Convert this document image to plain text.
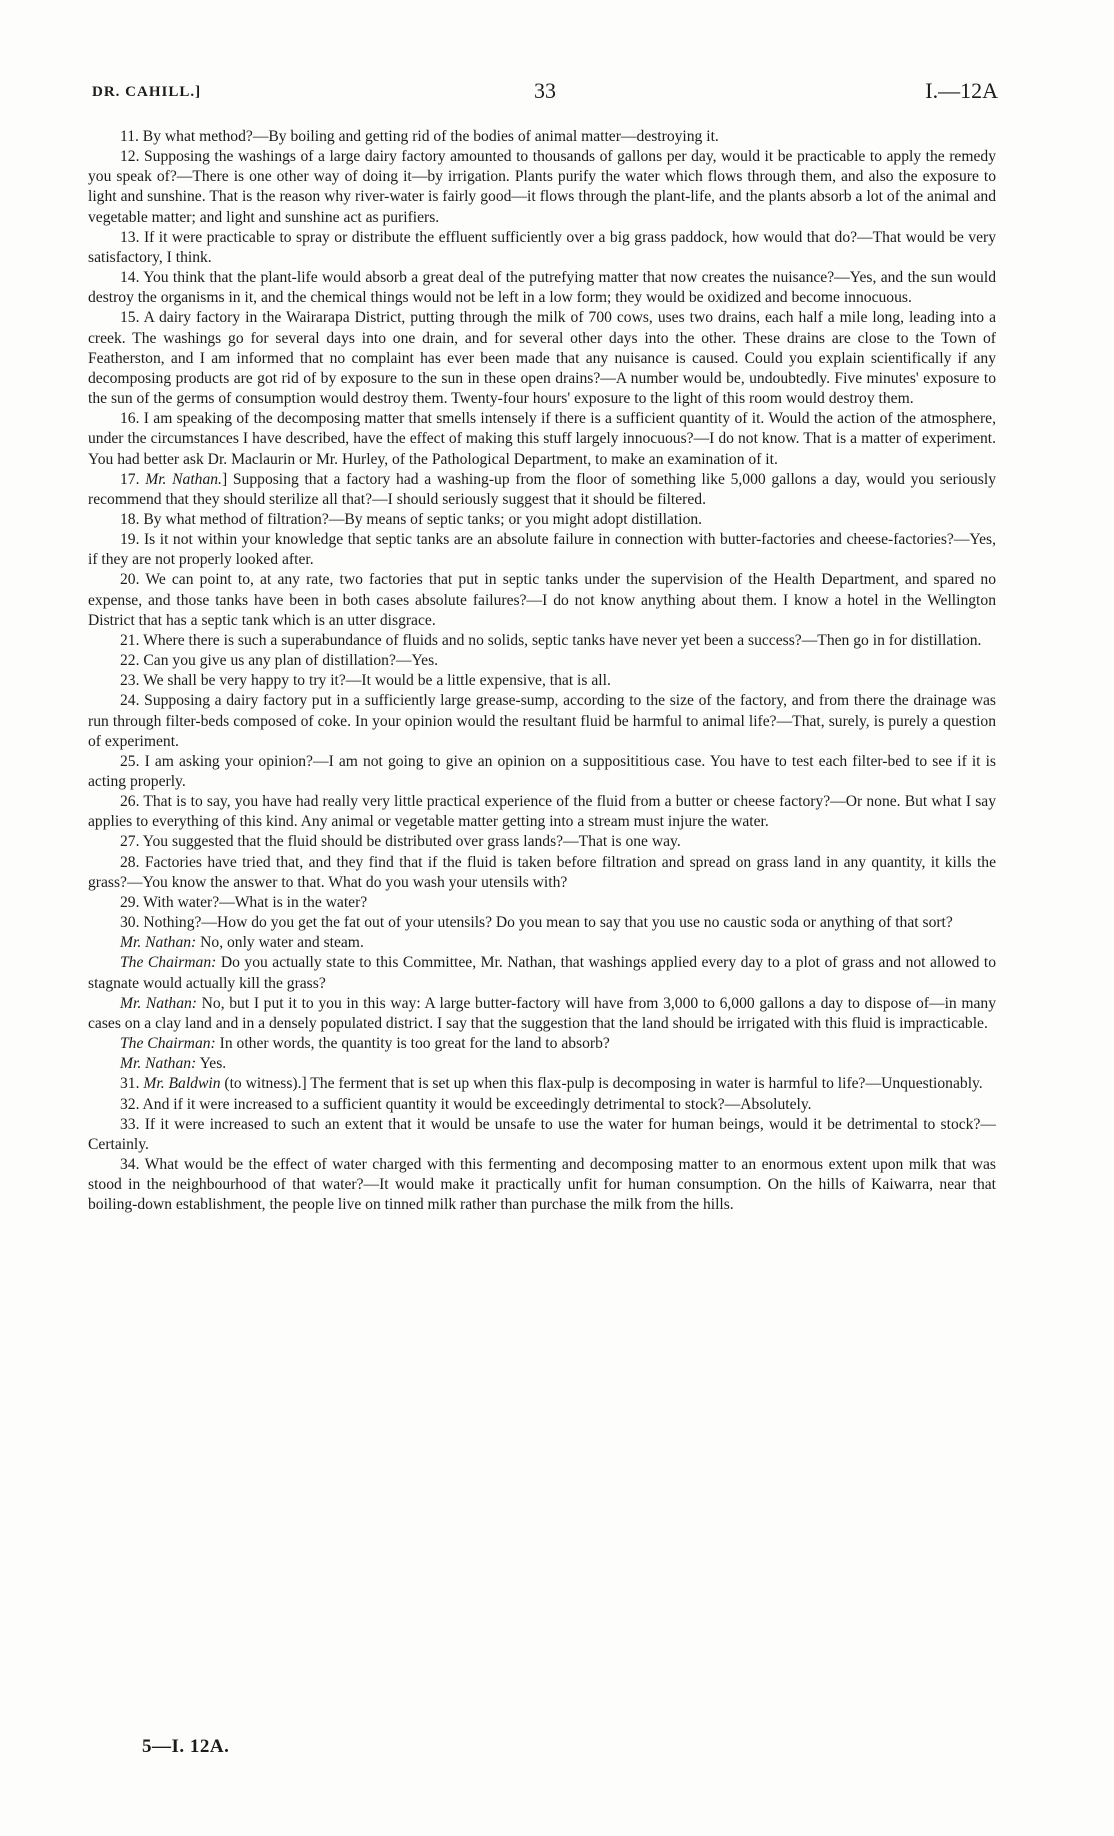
DR. CAHILL.]	33	I.—12A

11. By what method?—By boiling and getting rid of the bodies of animal matter—destroying it.

12. Supposing the washings of a large dairy factory amounted to thousands of gallons per day, would it be practicable to apply the remedy you speak of?—There is one other way of doing it—by irrigation. Plants purify the water which flows through them, and also the exposure to light and sunshine. That is the reason why river-water is fairly good—it flows through the plant-life, and the plants absorb a lot of the animal and vegetable matter; and light and sunshine act as purifiers.

13. If it were practicable to spray or distribute the effluent sufficiently over a big grass paddock, how would that do?—That would be very satisfactory, I think.

14. You think that the plant-life would absorb a great deal of the putrefying matter that now creates the nuisance?—Yes, and the sun would destroy the organisms in it, and the chemical things would not be left in a low form; they would be oxidized and become innocuous.

15. A dairy factory in the Wairarapa District, putting through the milk of 700 cows, uses two drains, each half a mile long, leading into a creek. The washings go for several days into one drain, and for several other days into the other. These drains are close to the Town of Featherston, and I am informed that no complaint has ever been made that any nuisance is caused. Could you explain scientifically if any decomposing products are got rid of by exposure to the sun in these open drains?—A number would be, undoubtedly. Five minutes' exposure to the sun of the germs of consumption would destroy them. Twenty-four hours' exposure to the light of this room would destroy them.

16. I am speaking of the decomposing matter that smells intensely if there is a sufficient quantity of it. Would the action of the atmosphere, under the circumstances I have described, have the effect of making this stuff largely innocuous?—I do not know. That is a matter of experiment. You had better ask Dr. Maclaurin or Mr. Hurley, of the Pathological Department, to make an examination of it.

17. Mr. Nathan.] Supposing that a factory had a washing-up from the floor of something like 5,000 gallons a day, would you seriously recommend that they should sterilize all that?—I should seriously suggest that it should be filtered.

18. By what method of filtration?—By means of septic tanks; or you might adopt distillation.

19. Is it not within your knowledge that septic tanks are an absolute failure in connection with butter-factories and cheese-factories?—Yes, if they are not properly looked after.

20. We can point to, at any rate, two factories that put in septic tanks under the supervision of the Health Department, and spared no expense, and those tanks have been in both cases absolute failures?—I do not know anything about them. I know a hotel in the Wellington District that has a septic tank which is an utter disgrace.

21. Where there is such a superabundance of fluids and no solids, septic tanks have never yet been a success?—Then go in for distillation.

22. Can you give us any plan of distillation?—Yes.

23. We shall be very happy to try it?—It would be a little expensive, that is all.

24. Supposing a dairy factory put in a sufficiently large grease-sump, according to the size of the factory, and from there the drainage was run through filter-beds composed of coke. In your opinion would the resultant fluid be harmful to animal life?—That, surely, is purely a question of experiment.

25. I am asking your opinion?—I am not going to give an opinion on a supposititious case. You have to test each filter-bed to see if it is acting properly.

26. That is to say, you have had really very little practical experience of the fluid from a butter or cheese factory?—Or none. But what I say applies to everything of this kind. Any animal or vegetable matter getting into a stream must injure the water.

27. You suggested that the fluid should be distributed over grass lands?—That is one way.

28. Factories have tried that, and they find that if the fluid is taken before filtration and spread on grass land in any quantity, it kills the grass?—You know the answer to that. What do you wash your utensils with?

29. With water?—What is in the water?

30. Nothing?—How do you get the fat out of your utensils? Do you mean to say that you use no caustic soda or anything of that sort?

Mr. Nathan: No, only water and steam.

The Chairman: Do you actually state to this Committee, Mr. Nathan, that washings applied every day to a plot of grass and not allowed to stagnate would actually kill the grass?

Mr. Nathan: No, but I put it to you in this way: A large butter-factory will have from 3,000 to 6,000 gallons a day to dispose of—in many cases on a clay land and in a densely populated district. I say that the suggestion that the land should be irrigated with this fluid is impracticable.

The Chairman: In other words, the quantity is too great for the land to absorb?

Mr. Nathan: Yes.

31. Mr. Baldwin (to witness).] The ferment that is set up when this flax-pulp is decomposing in water is harmful to life?—Unquestionably.

32. And if it were increased to a sufficient quantity it would be exceedingly detrimental to stock?—Absolutely.

33. If it were increased to such an extent that it would be unsafe to use the water for human beings, would it be detrimental to stock?—Certainly.

34. What would be the effect of water charged with this fermenting and decomposing matter to an enormous extent upon milk that was stood in the neighbourhood of that water?—It would make it practically unfit for human consumption. On the hills of Kaiwarra, near that boiling-down establishment, the people live on tinned milk rather than purchase the milk from the hills.

5—I. 12A.
